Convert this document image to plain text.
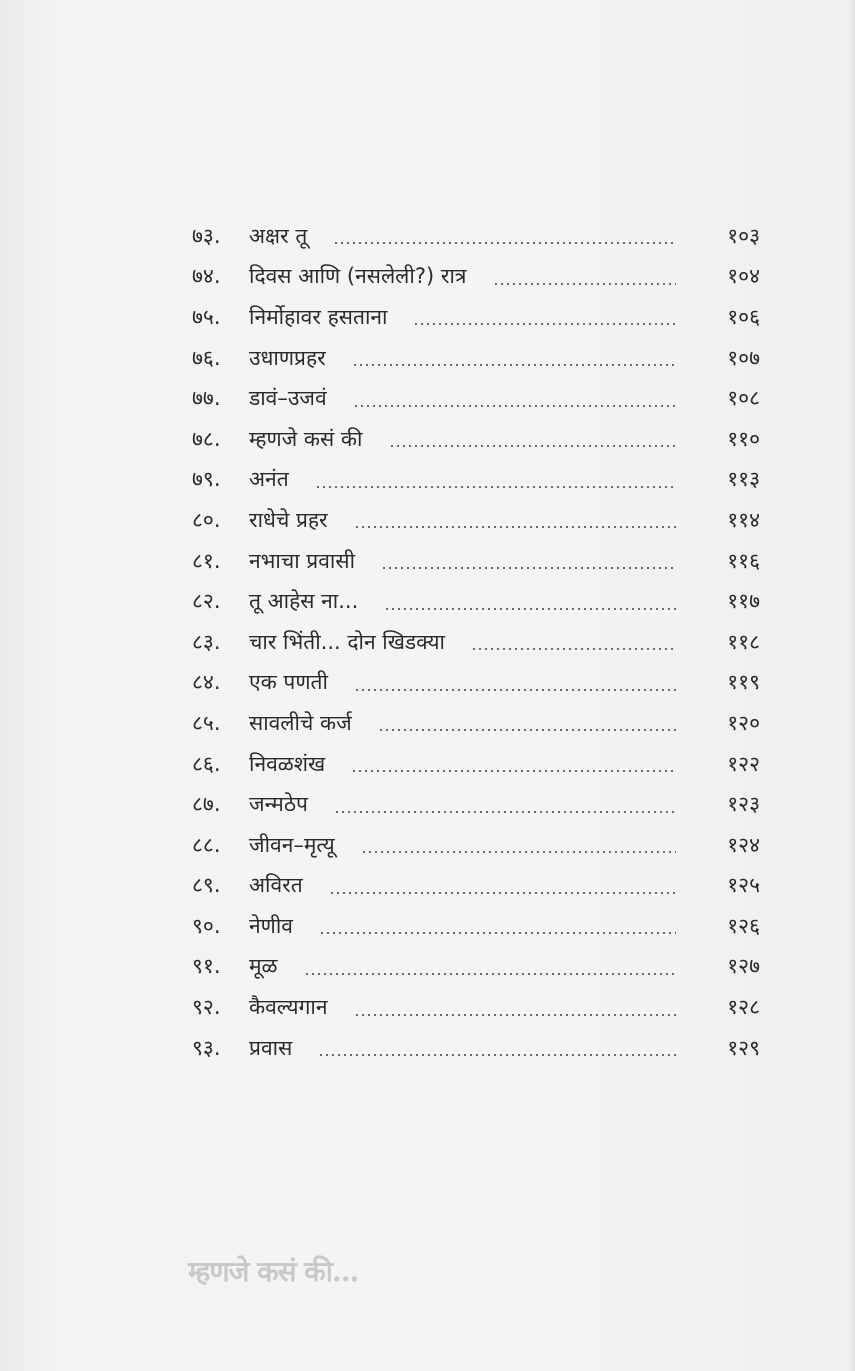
७३.	अक्षर तू	१०३
७४.	दिवस आणि (नसलेली?) रात्र	१०४
७५.	निर्मोहावर हसताना	१०६
७६.	उधाणप्रहर	१०७
७७.	डावं–उजवं	१०८
७८.	म्हणजे कसं की	११०
७९.	अनंत	११३
८०.	राधेचे प्रहर	११४
८१.	नभाचा प्रवासी	११६
८२.	तू आहेस ना...	११७
८३.	चार भिंती... दोन खिडक्या	११८
८४.	एक पणती	११९
८५.	सावलीचे कर्ज	१२०
८६.	निवळशंख	१२२
८७.	जन्मठेप	१२३
८८.	जीवन–मृत्यू	१२४
८९.	अविरत	१२५
९०.	नेणीव	१२६
९१.	मूळ	१२७
९२.	कैवल्यगान	१२८
९३.	प्रवास	१२९
म्हणजे कसं की...
